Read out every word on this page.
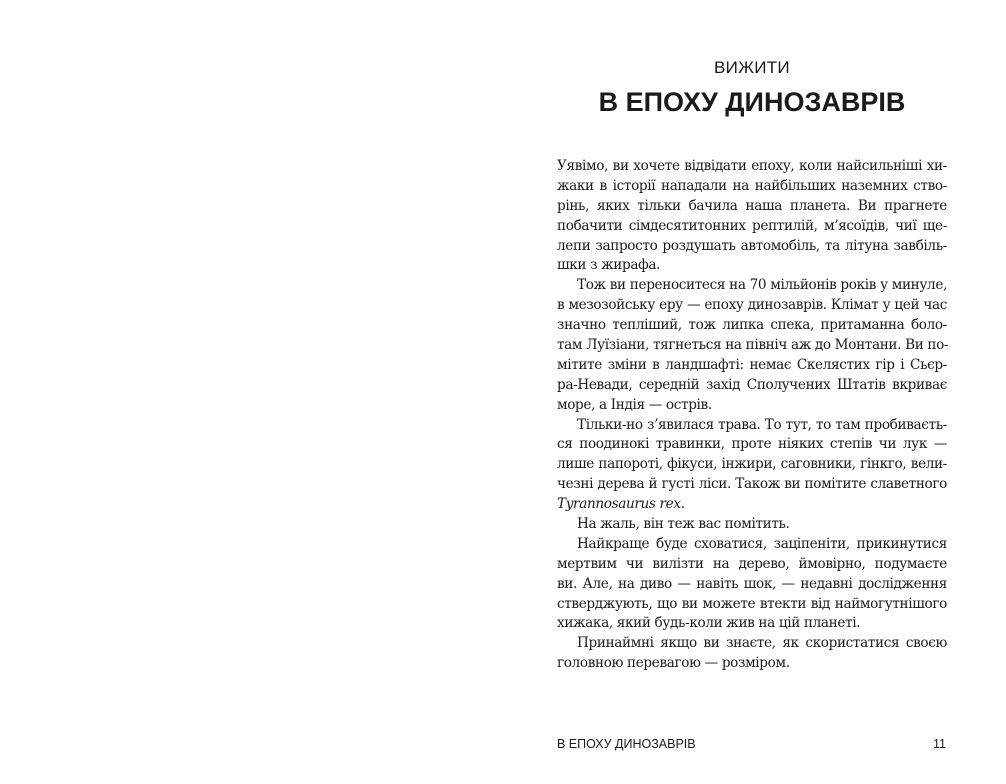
ВИЖИТИ
В ЕПОХУ ДИНОЗАВРІВ
Уявімо, ви хочете відвідати епоху, коли найсильніші хи-
жаки в історії нападали на найбільших наземних ство-
рінь, яких тільки бачила наша планета. Ви прагнете
побачити сімдесятитонних рептилій, м’ясоїдів, чиї ще-
лепи запросто роздушать автомобіль, та літуна завбіль-
шки з жирафа.
Тож ви переноситеся на 70 мільйонів років у минуле,
в мезозойську еру — епоху динозаврів. Клімат у цей час
значно тепліший, тож липка спека, притаманна боло-
там Луїзіани, тягнеться на північ аж до Монтани. Ви по-
мітите зміни в ландшафті: немає Скелястих гір і Сьєр-
ра-Невади, середній захід Сполучених Штатів вкриває
море, а Індія — острів.
Тільки-но з’явилася трава. То тут, то там пробиваєть-
ся поодинокі травинки, проте ніяких степів чи лук —
лише папороті, фікуси, інжири, саговники, гінкго, вели-
чезні дерева й густі ліси. Також ви помітите славетного
Tyrannosaurus rex.
На жаль, він теж вас помітить.
Найкраще буде сховатися, заціпеніти, прикинутися
мертвим чи вилізти на дерево, ймовірно, подумаєте
ви. Але, на диво — навіть шок, — недавні дослідження
стверджують, що ви можете втекти від наймогутнішого
хижака, який будь-коли жив на цій планеті.
Принаймні якщо ви знаєте, як скористатися своєю
головною перевагою — розміром.
В ЕПОХУ ДИНОЗАВРІВ	11
